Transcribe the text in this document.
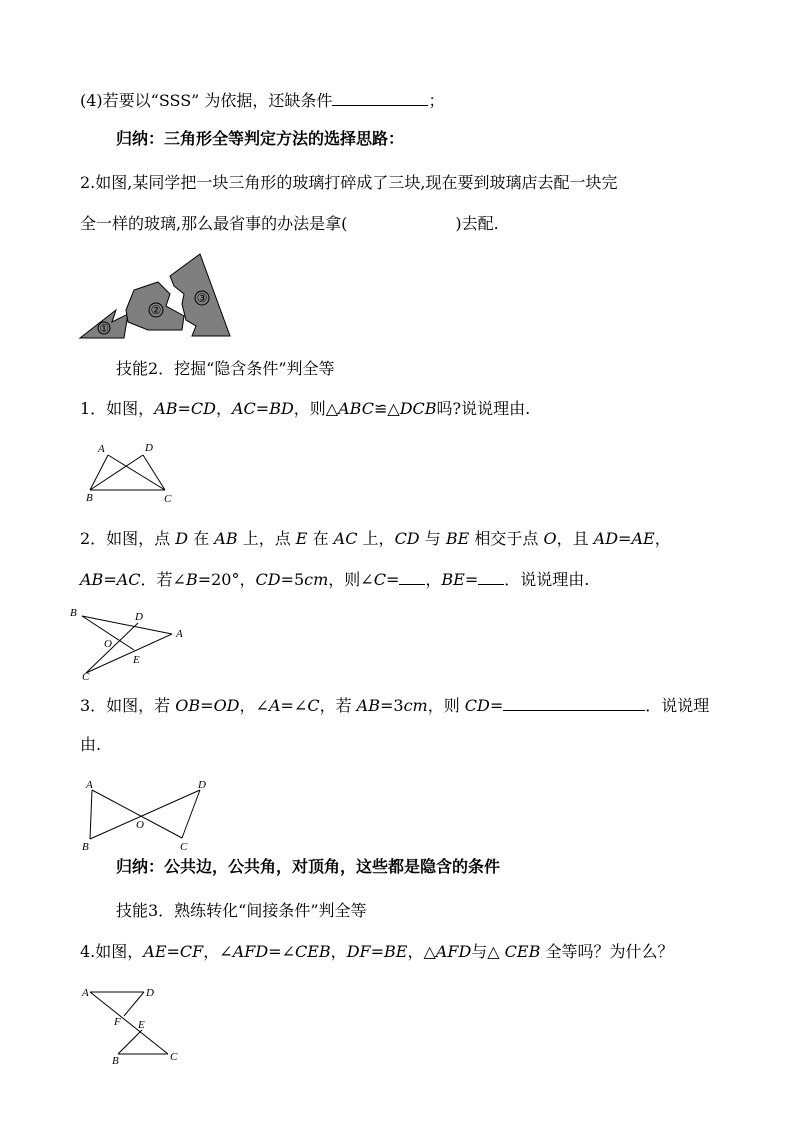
(4)若要以“SSS” 为依据，还缺条件	；
归纳：三角形全等判定方法的选择思路：
2.如图,某同学把一块三角形的玻璃打碎成了三块,现在要到玻璃店去配一块完
全一样的玻璃,那么最省事的办法是拿(	)去配.
①
②
③
技能2．挖掘“隐含条件”判全等
1．如图，AB=CD，AC=BD，则△ABC≌△DCB吗?说说理由.
A	D
B	C
2．如图，点 D 在 AB 上，点 E 在 AC 上，CD 与 BE 相交于点 O，且 AD=AE，
AB=AC．若∠B=20°，CD=5cm，则∠C= ，BE= ．说说理由.
B	D
A
O
C
E
3．如图，若 OB=OD，∠A=∠C，若 AB=3cm，则 CD=	．说说理
由.
A	D
O
B	C
归纳：公共边，公共角，对顶角，这些都是隐含的条件
技能3．熟练转化“间接条件”判全等
4.如图，AE=CF，∠AFD=∠CEB，DF=BE，△AFD与△ CEB 全等吗？为什么？
A	D
F E
B	C
